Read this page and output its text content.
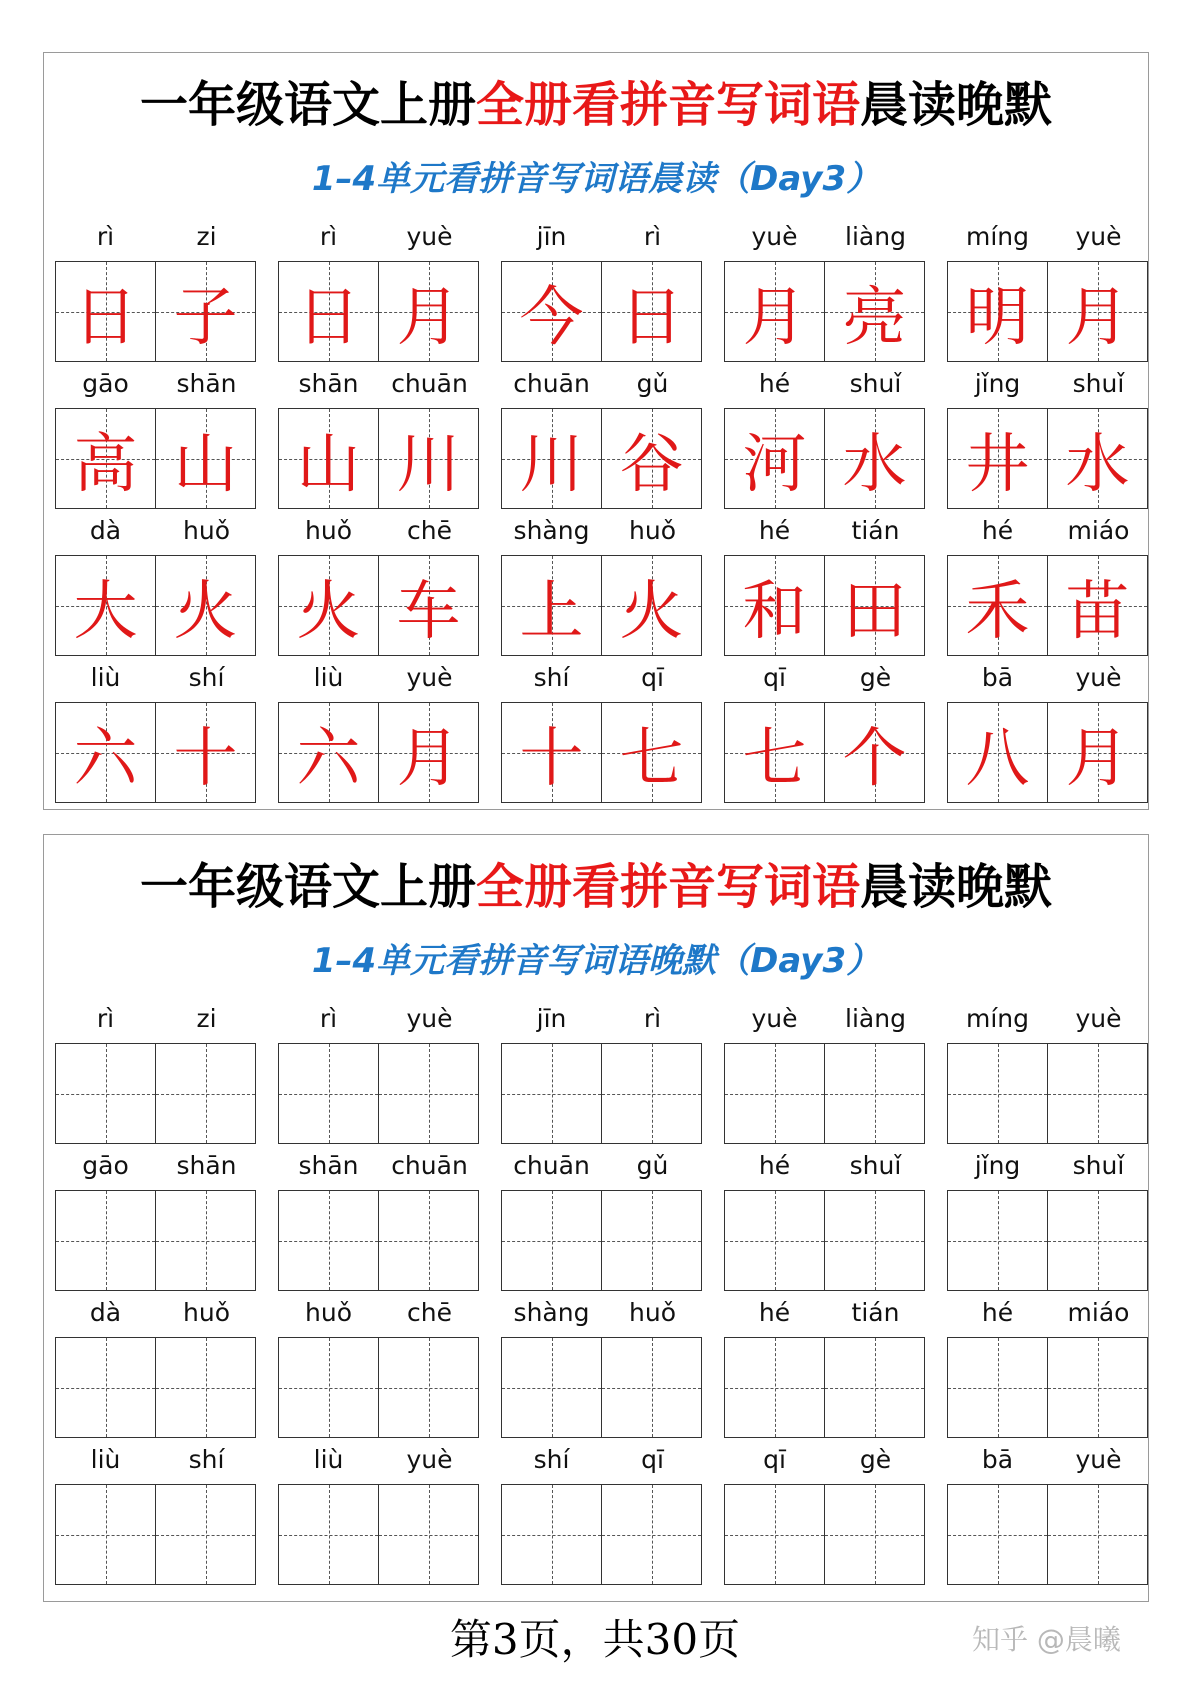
一年级语文上册全册看拼音写词语晨读晚默
1–4单元看拼音写词语晨读（Day3）
rì	zi
日 子
rì	yuè
日 月
jīn	rì
今 日
yuè	liàng
月 亮
míng	yuè
明 月
gāo	shān
高 山
shān	chuān
山 川
chuān	gǔ
川 谷
hé	shuǐ
河 水
jǐng	shuǐ
井 水
dà	huǒ
大 火
huǒ	chē
火 车
shàng	huǒ
上 火
hé	tián
和 田
hé	miáo
禾 苗
liù	shí
六 十
liù	yuè
六 月
shí	qī
十 七
qī	gè
七 个
bā	yuè
八 月
一年级语文上册全册看拼音写词语晨读晚默
1–4单元看拼音写词语晚默（Day3）
rì	zi	rì	yuè	jīn	rì	yuè	liàng	míng	yuè
gāo	shān	shān	chuān	chuān	gǔ	hé	shuǐ	jǐng	shuǐ
dà	huǒ	huǒ	chē	shàng	huǒ	hé	tián	hé	miáo
liù	shí	liù	yuè	shí	qī	qī	gè	bā	yuè
第3页，共30页	知乎 @晨曦
